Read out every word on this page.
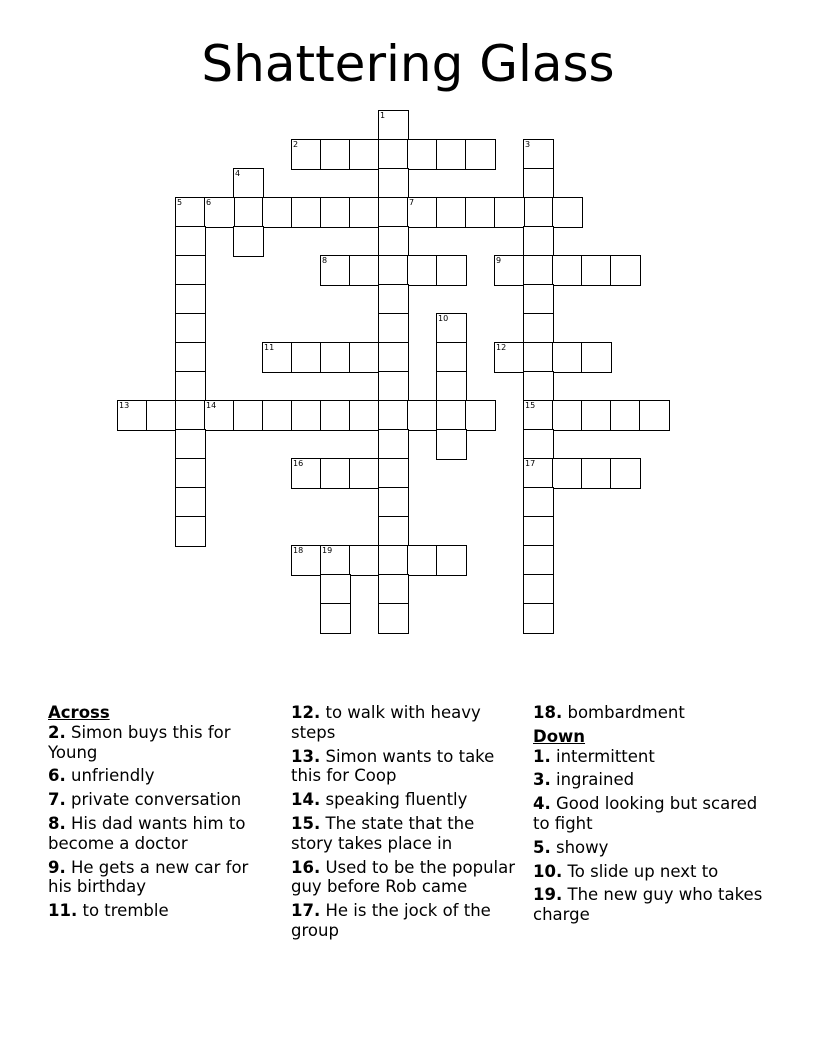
Shattering Glass
1
2	3
4
5	6	7
8	9
10
11	12
13	14	15
16	17
18 19
Across
2. Simon buys this for Young
6. unfriendly
7. private conversation
8. His dad wants him to become a doctor
9. He gets a new car for his birthday
11. to tremble
12. to walk with heavy steps
13. Simon wants to take this for Coop
14. speaking fluently
15. The state that the story takes place in
16. Used to be the popular guy before Rob came
17. He is the jock of the group
18. bombardment
Down
1. intermittent
3. ingrained
4. Good looking but scared to fight
5. showy
10. To slide up next to
19. The new guy who takes charge
